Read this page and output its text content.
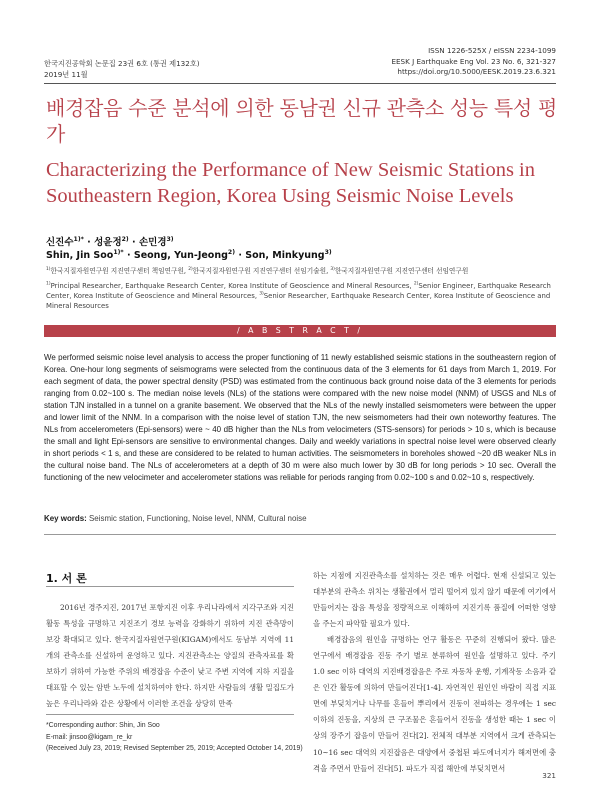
한국지진공학회 논문집 23권 6호 (통권 제132호)
2019년 11월
ISSN 1226-525X / eISSN 2234-1099
EESK J Earthquake Eng Vol. 23 No. 6, 321-327
https://doi.org/10.5000/EESK.2019.23.6.321
배경잡음 수준 분석에 의한 동남권 신규 관측소 성능 특성 평가
Characterizing the Performance of New Seismic Stations in Southeastern Region, Korea Using Seismic Noise Levels
신진수$^{1)*}$ · 성윤정$^{2)}$ · 손민경$^{3)}$
Shin, Jin Soo$^{1)*}$ · Seong, Yun-Jeong$^{2)}$ · Son, Minkyung$^{3)}$
$^{1)}$한국지질자원연구원 지진연구센터 책임연구원, $^{2)}$한국지질자원연구원 지진연구센터 선임기술원, $^{3)}$한국지질자원연구원 지진연구센터 선임연구원
$^{1)}$Principal Researcher, Earthquake Research Center, Korea Institute of Geoscience and Mineral Resources, $^{2)}$Senior Engineer, Earthquake Research Center, Korea Institute of Geoscience and Mineral Resources, $^{3)}$Senior Researcher, Earthquake Research Center, Korea Institute of Geoscience and Mineral Resources
/ A B S T R A C T /
We performed seismic noise level analysis to access the proper functioning of 11 newly established seismic stations in the southeastern region of Korea. One-hour long segments of seismograms were selected from the continuous data of the 3 elements for 61 days from March 1, 2019. For each segment of data, the power spectral density (PSD) was estimated from the continuous back ground noise data of the 3 elements for periods ranging from 0.02~100 s. The median noise levels (NLs) of the stations were compared with the new noise model (NNM) of USGS and NLs of station TJN installed in a tunnel on a granite basement. We observed that the NLs of the newly installed seismometers were between the upper and lower limit of the NNM. In a comparison with the noise level of station TJN, the new seismometers had their own noteworthy features. The NLs from accelerometers (Epi-sensors) were ~ 40 dB higher than the NLs from velocimeters (STS-sensors) for periods > 10 s, which is because the small and light Epi-sensors are sensitive to environmental changes. Daily and weekly variations in spectral noise level were observed clearly in short periods < 1 s, and these are considered to be related to human activities. The seismometers in boreholes showed ~20 dB weaker NLs in the cultural noise band. The NLs of accelerometers at a depth of 30 m were also much lower by 30 dB for long periods > 10 sec. Overall the functioning of the new velocimeter and accelerometer stations was reliable for periods ranging from 0.02~100 s and 0.02~10 s, respectively.
Key words: Seismic station, Functioning, Noise level, NNM, Cultural noise
1. 서 론
2016년 경주지진, 2017년 포항지진 이후 우리나라에서 지각구조와 지진활동 특성을 규명하고 지진조기 경보 능력을 강화하기 위하여 지진 관측망이 보강 확대되고 있다. 한국지질자원연구원(KIGAM)에서도 동남부 지역에 11개의 관측소를 신설하여 운영하고 있다. 지진관측소는 양질의 관측자료를 확보하기 위하여 가능한 주위의 배경잡음 수준이 낮고 주변 지역에 지하 지질을 대표할 수 있는 암반 노두에 설치하여야 한다. 하지만 사람들의 생활 밀집도가 높은 우리나라와 같은 상황에서 이러한 조건을 상당히 만족
*Corresponding author: Shin, Jin Soo
E-mail: jinsoo@kigam_re_kr
(Received July 23, 2019; Revised September 25, 2019; Accepted October 14, 2019)

하는 지점에 지진관측소를 설치하는 것은 매우 어렵다. 현재 신설되고 있는 대부분의 관측소 위치는 생활권에서 멀리 떨어져 있지 않기 때문에 여기에서 만들어지는 잡음 특성을 정량적으로 이해하여 지진기록 품질에 어떠한 영향을 주는지 파악할 필요가 있다.

배경잡음의 원인을 규명하는 연구 활동은 꾸준히 진행되어 왔다. 많은 연구에서 배경잡음 진동 주기 별로 분류하여 원인을 설명하고 있다. 주기 1.0 sec 이하 대역의 지진배경잡음은 주로 자동차 운행, 기계작동 소음과 같은 인간 활동에 의하여 만들어진다[1-4]. 자연적인 원인인 바람이 직접 지표면에 부딪치거나 나무를 흔들어 뿌리에서 진동이 전파하는 경우에는 1 sec 이하의 진동을, 지상의 큰 구조물은 흔들어서 진동을 생성한 때는 1 sec 이상의 장주기 잡음이 만들어 진다[2]. 전체적 대부분 지역에서 크게 관측되는 10~16 sec 대역의 지진잡음은 대양에서 중첩된 파도에너지가 해저면에 충격을 주면서 만들어 진다[5]. 파도가 직접 해안에 부딪치면서

321
